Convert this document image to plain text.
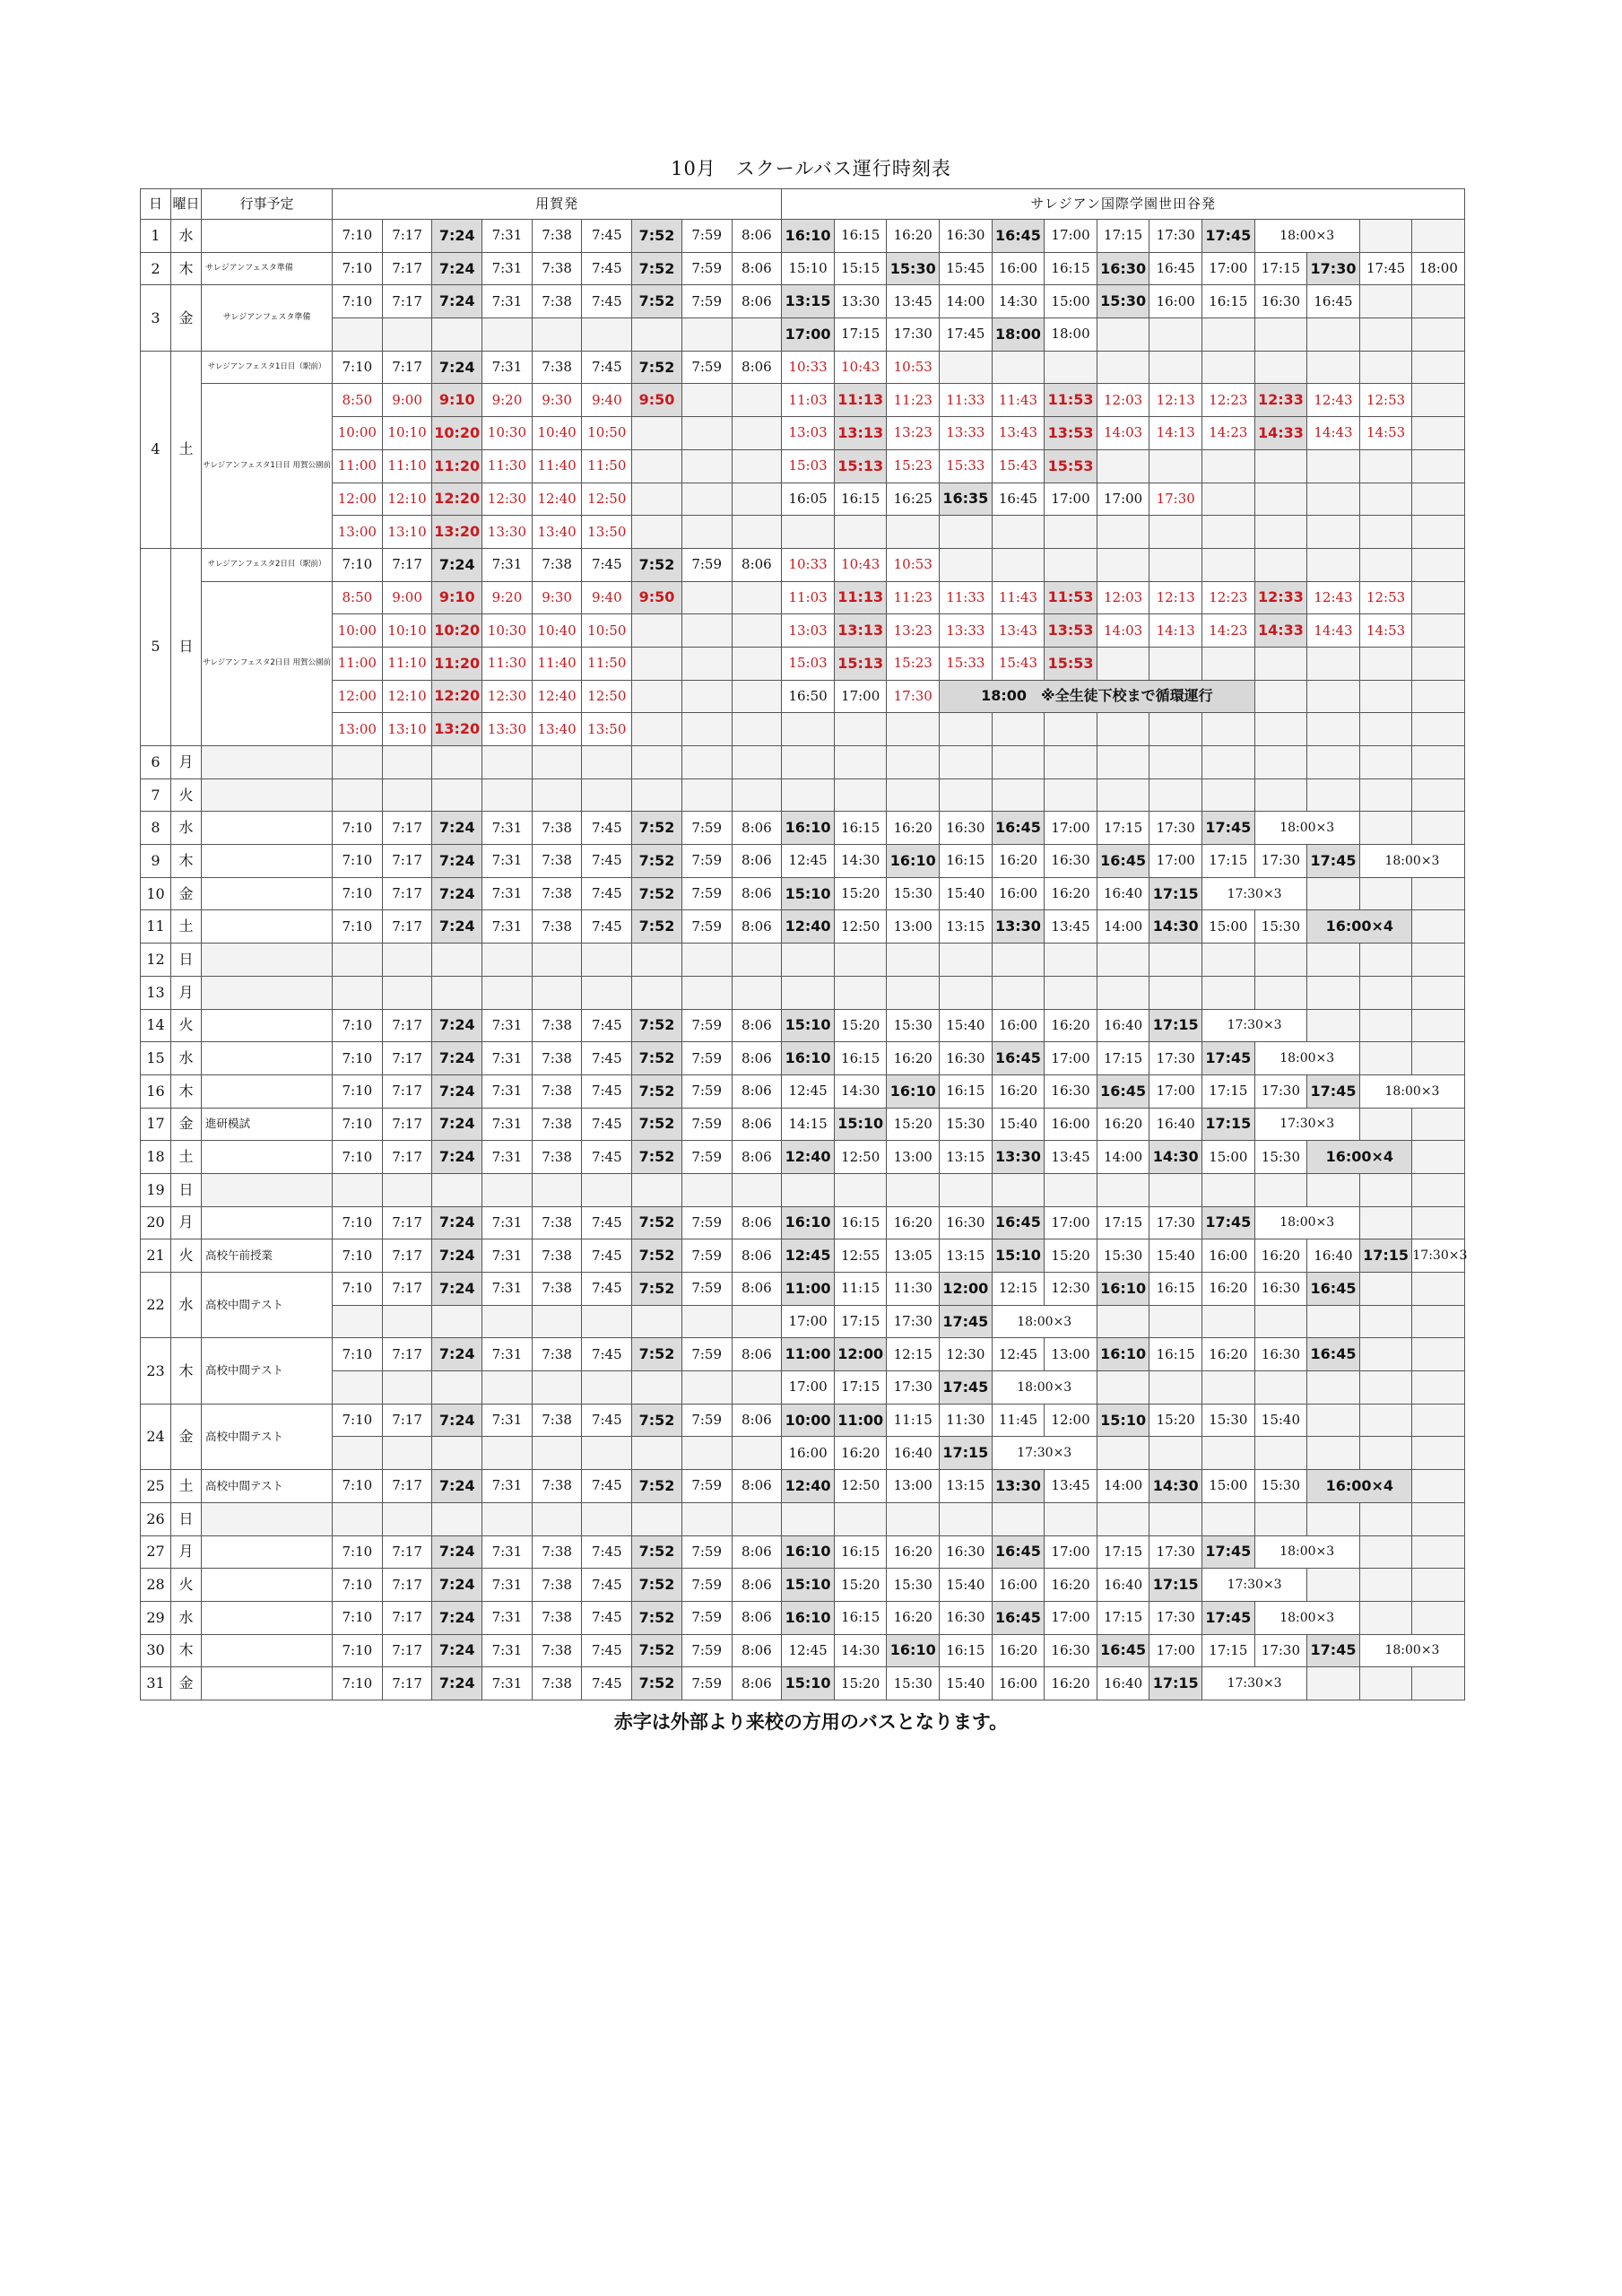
10月　スクールバス運行時刻表
日	曜日	行事予定	用賀発									サレジアン国際学園世田谷発												
1	水		7:10	7:17	7:24	7:31	7:38	7:45	7:52	7:59	8:06	16:10	16:15	16:20	16:30	16:45	17:00	17:15	17:30	17:45	18:00×3			
2	木	サレジアンフェスタ準備	7:10	7:17	7:24	7:31	7:38	7:45	7:52	7:59	8:06	15:10	15:15	15:30	15:45	16:00	16:15	16:30	16:45	17:00	17:15	17:30	17:45	18:00
3	金	サレジアンフェスタ準備	7:10	7:17	7:24	7:31	7:38	7:45	7:52	7:59	8:06	13:15	13:30	13:45	14:00	14:30	15:00	15:30	16:00	16:15	16:30	16:45		
												17:00	17:15	17:30	17:45	18:00	18:00							
4	土	サレジアンフェスタ1日目（駅前）	7:10	7:17	7:24	7:31	7:38	7:45	7:52	7:59	8:06	10:33	10:43	10:53										
		サレジアンフェスタ1日目 用賀公園前	8:50	9:00	9:10	9:20	9:30	9:40	9:50			11:03	11:13	11:23	11:33	11:43	11:53	12:03	12:13	12:23	12:33	12:43	12:53	
			10:00	10:10	10:20	10:30	10:40	10:50				13:03	13:13	13:23	13:33	13:43	13:53	14:03	14:13	14:23	14:33	14:43	14:53	
			11:00	11:10	11:20	11:30	11:40	11:50				15:03	15:13	15:23	15:33	15:43	15:53							
			12:00	12:10	12:20	12:30	12:40	12:50				16:05	16:15	16:25	16:35	16:45	17:00	17:00	17:30					
			13:00	13:10	13:20	13:30	13:40	13:50																
5	日	サレジアンフェスタ2日目（駅前）	7:10	7:17	7:24	7:31	7:38	7:45	7:52	7:59	8:06	10:33	10:43	10:53										
		サレジアンフェスタ2日目 用賀公園前	8:50	9:00	9:10	9:20	9:30	9:40	9:50			11:03	11:13	11:23	11:33	11:43	11:53	12:03	12:13	12:23	12:33	12:43	12:53	
			10:00	10:10	10:20	10:30	10:40	10:50				13:03	13:13	13:23	13:33	13:43	13:53	14:03	14:13	14:23	14:33	14:43	14:53	
			11:00	11:10	11:20	11:30	11:40	11:50				15:03	15:13	15:23	15:33	15:43	15:53							
			12:00	12:10	12:20	12:30	12:40	12:50				16:50	17:00	17:30	18:00　※全生徒下校まで循環運行									
			13:00	13:10	13:20	13:30	13:40	13:50																
6	月																							
7	火																							
8	水		7:10	7:17	7:24	7:31	7:38	7:45	7:52	7:59	8:06	16:10	16:15	16:20	16:30	16:45	17:00	17:15	17:30	17:45	18:00×3			
9	木		7:10	7:17	7:24	7:31	7:38	7:45	7:52	7:59	8:06	12:45	14:30	16:10	16:15	16:20	16:30	16:45	17:00	17:15	17:30	17:45	18:00×3	
10	金		7:10	7:17	7:24	7:31	7:38	7:45	7:52	7:59	8:06	15:10	15:20	15:30	15:40	16:00	16:20	16:40	17:15	17:30×3				
11	土		7:10	7:17	7:24	7:31	7:38	7:45	7:52	7:59	8:06	12:40	12:50	13:00	13:15	13:30	13:45	14:00	14:30	15:00	15:30	16:00×4		
12	日																							
13	月																							
14	火		7:10	7:17	7:24	7:31	7:38	7:45	7:52	7:59	8:06	15:10	15:20	15:30	15:40	16:00	16:20	16:40	17:15	17:30×3				
15	水		7:10	7:17	7:24	7:31	7:38	7:45	7:52	7:59	8:06	16:10	16:15	16:20	16:30	16:45	17:00	17:15	17:30	17:45	18:00×3			
16	木		7:10	7:17	7:24	7:31	7:38	7:45	7:52	7:59	8:06	12:45	14:30	16:10	16:15	16:20	16:30	16:45	17:00	17:15	17:30	17:45	18:00×3	
17	金	進研模試	7:10	7:17	7:24	7:31	7:38	7:45	7:52	7:59	8:06	14:15	15:10	15:20	15:30	15:40	16:00	16:20	16:40	17:15	17:30×3			
18	土		7:10	7:17	7:24	7:31	7:38	7:45	7:52	7:59	8:06	12:40	12:50	13:00	13:15	13:30	13:45	14:00	14:30	15:00	15:30	16:00×4		
19	日																							
20	月		7:10	7:17	7:24	7:31	7:38	7:45	7:52	7:59	8:06	16:10	16:15	16:20	16:30	16:45	17:00	17:15	17:30	17:45	18:00×3			
21	火	高校午前授業	7:10	7:17	7:24	7:31	7:38	7:45	7:52	7:59	8:06	12:45	12:55	13:05	13:15	15:10	15:20	15:30	15:40	16:00	16:20	16:40	17:15	17:30×3
22	水	高校中間テスト	7:10	7:17	7:24	7:31	7:38	7:45	7:52	7:59	8:06	11:00	11:15	11:30	12:00	12:15	12:30	16:10	16:15	16:20	16:30	16:45		
												17:00	17:15	17:30	17:45	18:00×3								
23	木	高校中間テスト	7:10	7:17	7:24	7:31	7:38	7:45	7:52	7:59	8:06	11:00	12:00	12:15	12:30	12:45	13:00	16:10	16:15	16:20	16:30	16:45		
												17:00	17:15	17:30	17:45	18:00×3								
24	金	高校中間テスト	7:10	7:17	7:24	7:31	7:38	7:45	7:52	7:59	8:06	10:00	11:00	11:15	11:30	11:45	12:00	15:10	15:20	15:30	15:40			
												16:00	16:20	16:40	17:15	17:30×3								
25	土	高校中間テスト	7:10	7:17	7:24	7:31	7:38	7:45	7:52	7:59	8:06	12:40	12:50	13:00	13:15	13:30	13:45	14:00	14:30	15:00	15:30	16:00×4		
26	日																							
27	月		7:10	7:17	7:24	7:31	7:38	7:45	7:52	7:59	8:06	16:10	16:15	16:20	16:30	16:45	17:00	17:15	17:30	17:45	18:00×3			
28	火		7:10	7:17	7:24	7:31	7:38	7:45	7:52	7:59	8:06	15:10	15:20	15:30	15:40	16:00	16:20	16:40	17:15	17:30×3				
29	水		7:10	7:17	7:24	7:31	7:38	7:45	7:52	7:59	8:06	16:10	16:15	16:20	16:30	16:45	17:00	17:15	17:30	17:45	18:00×3			
30	木		7:10	7:17	7:24	7:31	7:38	7:45	7:52	7:59	8:06	12:45	14:30	16:10	16:15	16:20	16:30	16:45	17:00	17:15	17:30	17:45	18:00×3	
31	金		7:10	7:17	7:24	7:31	7:38	7:45	7:52	7:59	8:06	15:10	15:20	15:30	15:40	16:00	16:20	16:40	17:15	17:30×3				
赤字は外部より来校の方用のバスとなります。
